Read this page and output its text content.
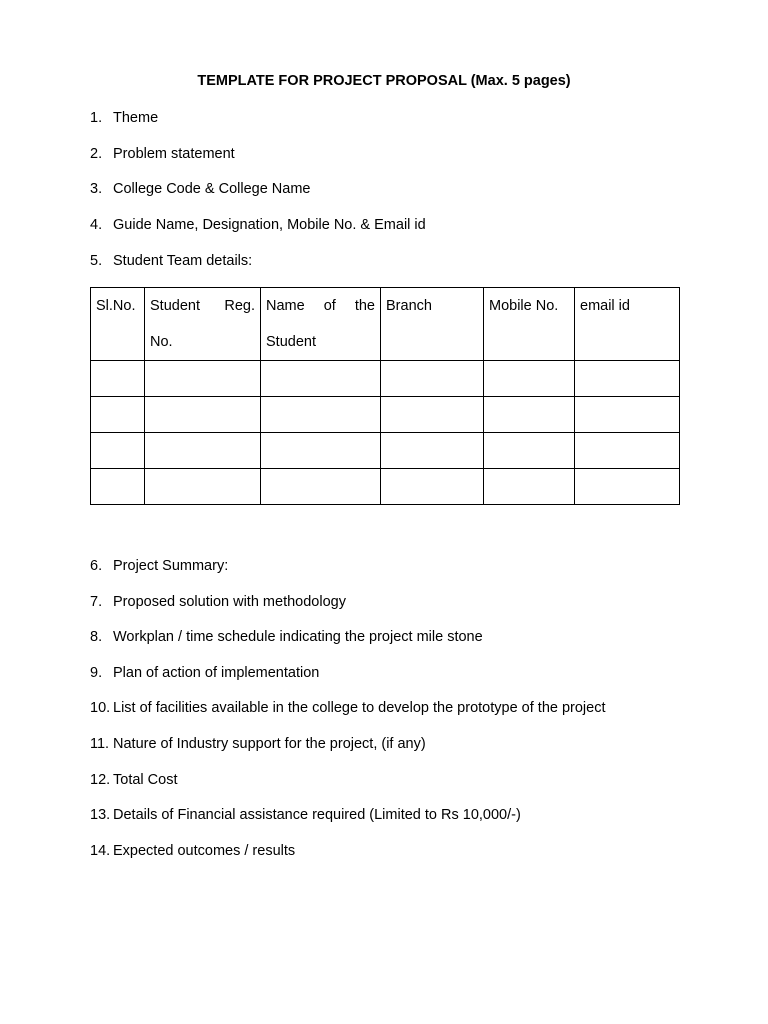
TEMPLATE FOR PROJECT PROPOSAL (Max. 5 pages)
1. Theme
2. Problem statement
3. College Code & College Name
4. Guide Name, Designation, Mobile No. & Email id
5. Student Team details:
Sl.No.	Student Reg. No.	Name of the Student	Branch	Mobile No.	email id

6. Project Summary:
7. Proposed solution with methodology
8. Workplan / time schedule indicating the project mile stone
9. Plan of action of implementation
10. List of facilities available in the college to develop the prototype of the project
11. Nature of Industry support for the project, (if any)
12. Total Cost
13. Details of Financial assistance required (Limited to Rs 10,000/-)
14. Expected outcomes / results
